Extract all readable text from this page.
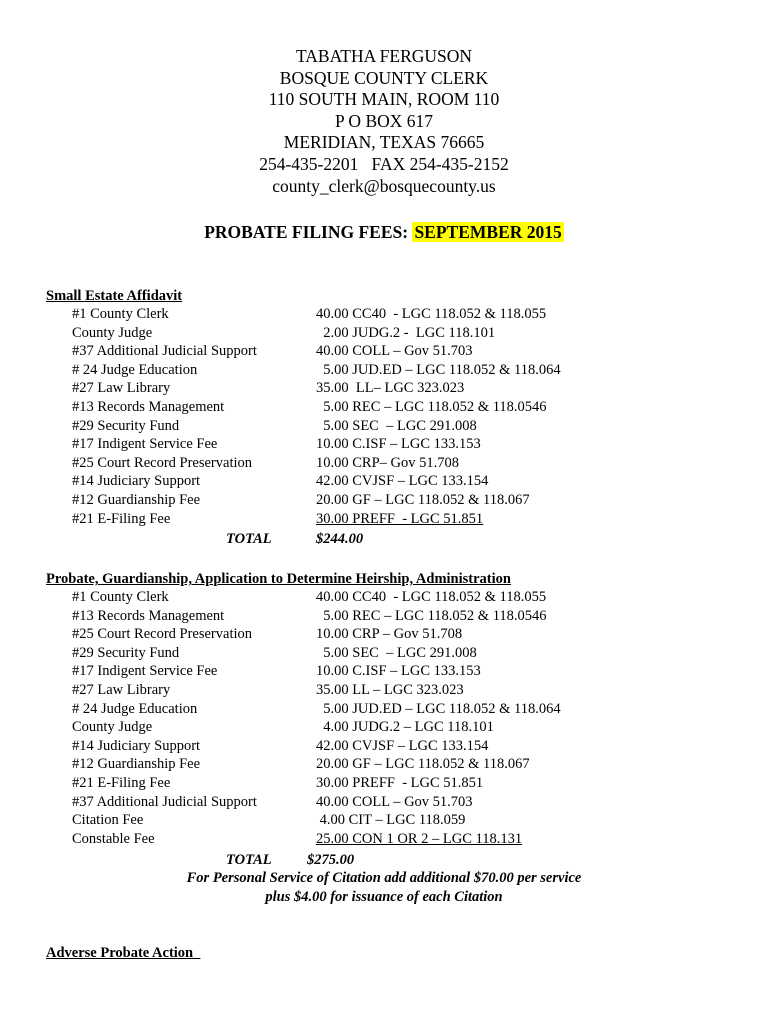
TABATHA FERGUSON
BOSQUE COUNTY CLERK
110 SOUTH MAIN, ROOM 110
P O BOX 617
MERIDIAN, TEXAS 76665
254-435-2201   FAX 254-435-2152
county_clerk@bosquecounty.us
PROBATE FILING FEES: SEPTEMBER 2015
Small Estate Affidavit
#1 County Clerk	40.00 CC40  - LGC 118.052 & 118.055
County Judge	2.00 JUDG.2 -  LGC 118.101
#37 Additional Judicial Support	40.00 COLL – Gov 51.703
# 24 Judge Education	5.00 JUD.ED – LGC 118.052 & 118.064
#27 Law Library	35.00  LL– LGC 323.023
#13 Records Management	5.00 REC – LGC 118.052 & 118.0546
#29 Security Fund	5.00 SEC  – LGC 291.008
#17 Indigent Service Fee	10.00 C.ISF – LGC 133.153
#25 Court Record Preservation	10.00 CRP– Gov 51.708
#14 Judiciary Support	42.00 CVJSF – LGC 133.154
#12 Guardianship Fee	20.00 GF – LGC 118.052 & 118.067
#21 E-Filing Fee	30.00 PREFF  - LGC 51.851
TOTAL	$244.00
Probate, Guardianship, Application to Determine Heirship, Administration
#1 County Clerk	40.00 CC40  - LGC 118.052 & 118.055
#13 Records Management	5.00 REC – LGC 118.052 & 118.0546
#25 Court Record Preservation	10.00 CRP – Gov 51.708
#29 Security Fund	5.00 SEC  – LGC 291.008
#17 Indigent Service Fee	10.00 C.ISF – LGC 133.153
#27 Law Library	35.00 LL – LGC 323.023
# 24 Judge Education	5.00 JUD.ED – LGC 118.052 & 118.064
County Judge	4.00 JUDG.2 – LGC 118.101
#14 Judiciary Support	42.00 CVJSF – LGC 133.154
#12 Guardianship Fee	20.00 GF – LGC 118.052 & 118.067
#21 E-Filing Fee	30.00 PREFF  - LGC 51.851
#37 Additional Judicial Support	40.00 COLL – Gov 51.703
Citation Fee	4.00 CIT – LGC 118.059
Constable Fee	25.00 CON 1 OR 2 – LGC 118.131
TOTAL $275.00
For Personal Service of Citation add additional $70.00 per service
plus $4.00 for issuance of each Citation
Adverse Probate Action
